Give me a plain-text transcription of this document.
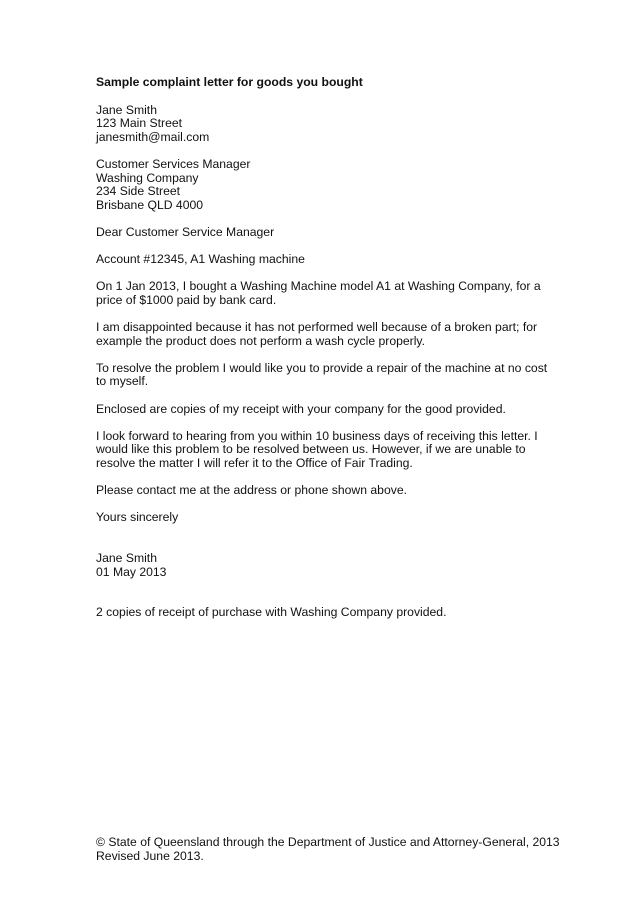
Sample complaint letter for goods you bought
Jane Smith
123 Main Street
janesmith@mail.com
Customer Services Manager
Washing Company
234 Side Street
Brisbane QLD 4000
Dear Customer Service Manager
Account #12345, A1 Washing machine
On 1 Jan 2013, I bought a Washing Machine model A1 at Washing Company, for a
price of $1000 paid by bank card.
I am disappointed because it has not performed well because of a broken part; for
example the product does not perform a wash cycle properly.
To resolve the problem I would like you to provide a repair of the machine at no cost
to myself.
Enclosed are copies of my receipt with your company for the good provided.
I look forward to hearing from you within 10 business days of receiving this letter. I
would like this problem to be resolved between us. However, if we are unable to
resolve the matter I will refer it to the Office of Fair Trading.
Please contact me at the address or phone shown above.
Yours sincerely
Jane Smith
01 May 2013
2 copies of receipt of purchase with Washing Company provided.
© State of Queensland through the Department of Justice and Attorney-General, 2013
Revised June 2013.
